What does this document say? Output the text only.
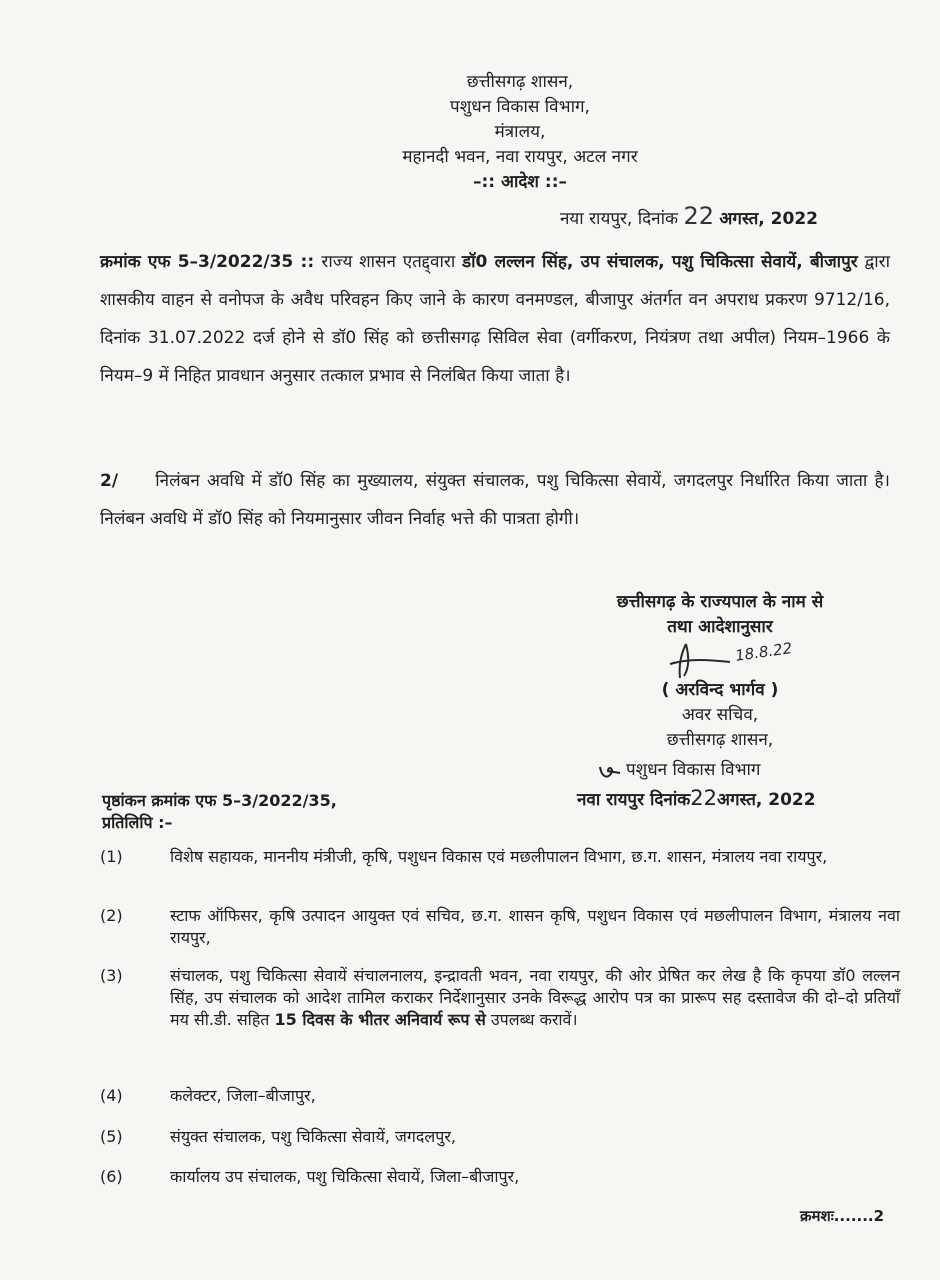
छत्तीसगढ़ शासन,
पशुधन विकास विभाग,
मंत्रालय,
महानदी भवन, नवा रायपुर, अटल नगर
–:: आदेश ::–
नया रायपुर, दिनांक 22 अगस्त, 2022
क्रमांक एफ 5–3/2022/35 :: राज्य शासन एतद्द्वारा डॉ0 लल्लन सिंह, उप संचालक, पशु चिकित्सा सेवायें, बीजापुर द्वारा शासकीय वाहन से वनोपज के अवैध परिवहन किए जाने के कारण वनमण्डल, बीजापुर अंतर्गत वन अपराध प्रकरण 9712/16, दिनांक 31.07.2022 दर्ज होने से डॉ0 सिंह को छत्तीसगढ़ सिविल सेवा (वर्गीकरण, नियंत्रण तथा अपील) नियम–1966 के नियम–9 में निहित प्रावधान अनुसार तत्काल प्रभाव से निलंबित किया जाता है।
2/ निलंबन अवधि में डॉ0 सिंह का मुख्यालय, संयुक्त संचालक, पशु चिकित्सा सेवायें, जगदलपुर निर्धारित किया जाता है। निलंबन अवधि में डॉ0 सिंह को नियमानुसार जीवन निर्वाह भत्ते की पात्रता होगी।
छत्तीसगढ़ के राज्यपाल के नाम से
तथा आदेशानुसार
18.8.22
( अरविन्द भार्गव )
अवर सचिव,
छत्तीसगढ़ शासन,
पशुधन विकास विभाग
पृष्ठांकन क्रमांक एफ 5–3/2022/35,
प्रतिलिपि :–
नवा रायपुर दिनांक22अगस्त, 2022
(1)	विशेष सहायक, माननीय मंत्रीजी, कृषि, पशुधन विकास एवं मछलीपालन विभाग, छ.ग. शासन, मंत्रालय नवा रायपुर,
(2)	स्टाफ ऑफिसर, कृषि उत्पादन आयुक्त एवं सचिव, छ.ग. शासन कृषि, पशुधन विकास एवं मछलीपालन विभाग, मंत्रालय नवा रायपुर,
(3)	संचालक, पशु चिकित्सा सेवायें संचालनालय, इन्द्रावती भवन, नवा रायपुर, की ओर प्रेषित कर लेख है कि कृपया डॉ0 लल्लन सिंह, उप संचालक को आदेश तामिल कराकर निर्देशानुसार उनके विरूद्ध आरोप पत्र का प्रारूप सह दस्तावेज की दो–दो प्रतियाँ मय सी.डी. सहित 15 दिवस के भीतर अनिवार्य रूप से उपलब्ध करावें।
(4)	कलेक्टर, जिला–बीजापुर,
(5)	संयुक्त संचालक, पशु चिकित्सा सेवायें, जगदलपुर,
(6)	कार्यालय उप संचालक, पशु चिकित्सा सेवायें, जिला–बीजापुर,
क्रमशः.......2
